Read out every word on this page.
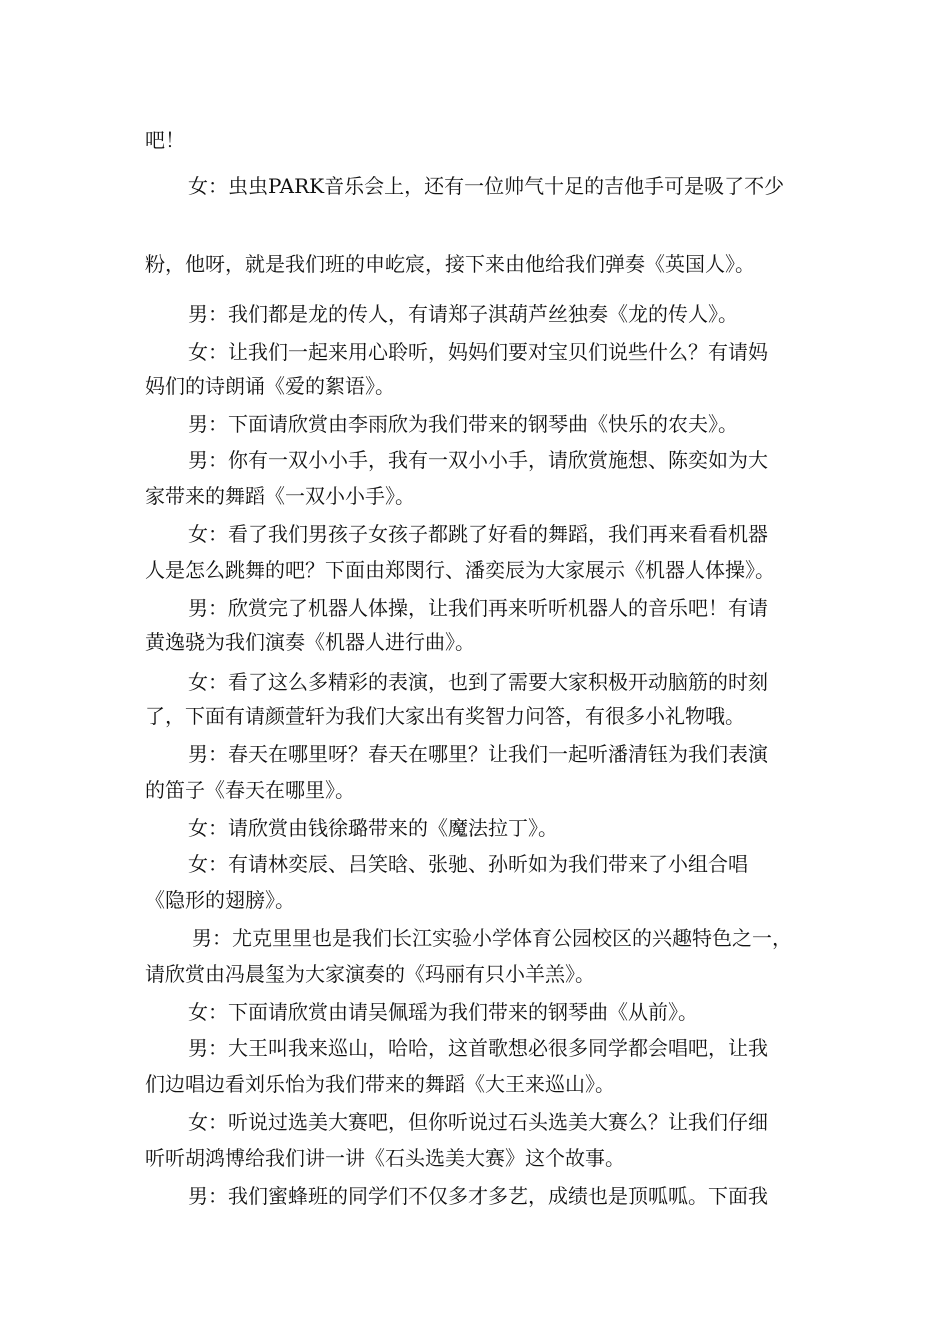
吧！

女：虫虫PARK音乐会上，还有一位帅气十足的吉他手可是吸了不少

粉，他呀，就是我们班的申屹宸，接下来由他给我们弹奏《英国人》。

男：我们都是龙的传人，有请郑子淇葫芦丝独奏《龙的传人》。

女：让我们一起来用心聆听，妈妈们要对宝贝们说些什么？有请妈

妈们的诗朗诵《爱的絮语》。

男：下面请欣赏由李雨欣为我们带来的钢琴曲《快乐的农夫》。

男：你有一双小小手，我有一双小小手，请欣赏施想、陈奕如为大

家带来的舞蹈《一双小小手》。

女：看了我们男孩子女孩子都跳了好看的舞蹈，我们再来看看机器

人是怎么跳舞的吧？下面由郑閔行、潘奕辰为大家展示《机器人体操》。

男：欣赏完了机器人体操，让我们再来听听机器人的音乐吧！有请

黄逸骁为我们演奏《机器人进行曲》。

女：看了这么多精彩的表演，也到了需要大家积极开动脑筋的时刻

了，下面有请颜萱轩为我们大家出有奖智力问答，有很多小礼物哦。

男：春天在哪里呀？春天在哪里？让我们一起听潘清钰为我们表演

的笛子《春天在哪里》。

女：请欣赏由钱徐璐带来的《魔法拉丁》。

女：有请林奕辰、吕笑晗、张驰、孙昕如为我们带来了小组合唱

《隐形的翅膀》。

男：尤克里里也是我们长江实验小学体育公园校区的兴趣特色之一，

请欣赏由冯晨玺为大家演奏的《玛丽有只小羊羔》。

女：下面请欣赏由请吴佩瑶为我们带来的钢琴曲《从前》。

男：大王叫我来巡山，哈哈，这首歌想必很多同学都会唱吧，让我

们边唱边看刘乐怡为我们带来的舞蹈《大王来巡山》。

女：听说过选美大赛吧，但你听说过石头选美大赛么？让我们仔细

听听胡鸿博给我们讲一讲《石头选美大赛》这个故事。

男：我们蜜蜂班的同学们不仅多才多艺，成绩也是顶呱呱。下面我
